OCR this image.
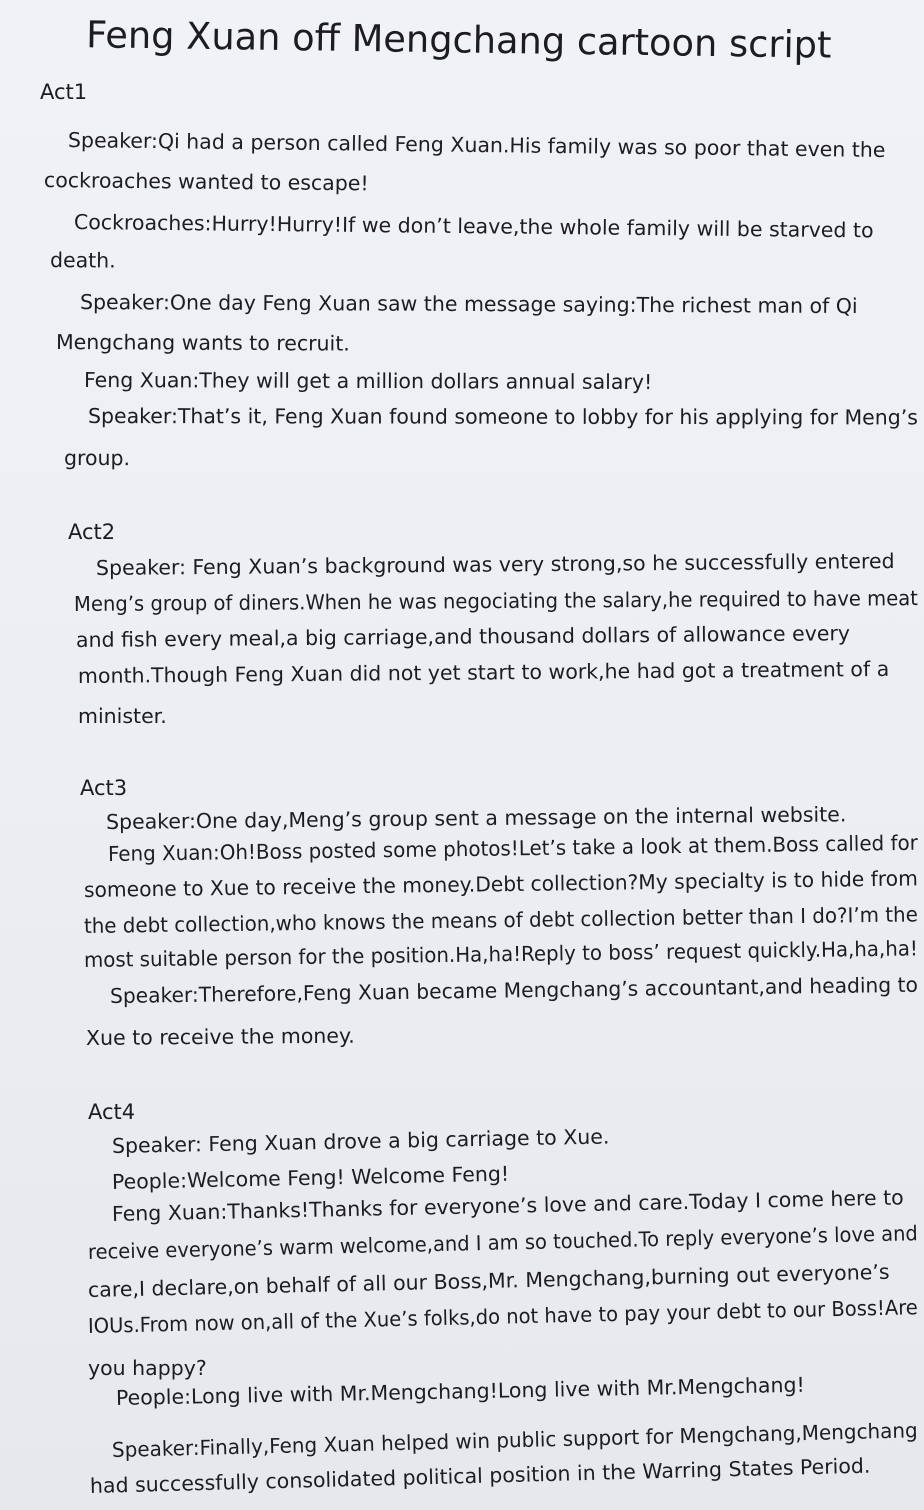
Feng Xuan off Mengchang cartoon script
Act1
Speaker:Qi had a person called Feng Xuan.His family was so poor that even the
cockroaches wanted to escape!
Cockroaches:Hurry!Hurry!If we don’t leave,the whole family will be starved to
death.
Speaker:One day Feng Xuan saw the message saying:The richest man of Qi
Mengchang wants to recruit.
Feng Xuan:They will get a million dollars annual salary!
Speaker:That’s it, Feng Xuan found someone to lobby for his applying for Meng’s
group.
Act2
Speaker: Feng Xuan’s background was very strong,so he successfully entered
Meng’s group of diners.When he was negociating the salary,he required to have meat
and fish every meal,a big carriage,and thousand dollars of allowance every
month.Though Feng Xuan did not yet start to work,he had got a treatment of a
minister.
Act3
Speaker:One day,Meng’s group sent a message on the internal website.
Feng Xuan:Oh!Boss posted some photos!Let’s take a look at them.Boss called for
someone to Xue to receive the money.Debt collection?My specialty is to hide from
the debt collection,who knows the means of debt collection better than I do?I’m the
most suitable person for the position.Ha,ha!Reply to boss’ request quickly.Ha,ha,ha!
Speaker:Therefore,Feng Xuan became Mengchang’s accountant,and heading to
Xue to receive the money.
Act4
Speaker: Feng Xuan drove a big carriage to Xue.
People:Welcome Feng! Welcome Feng!
Feng Xuan:Thanks!Thanks for everyone’s love and care.Today I come here to
receive everyone’s warm welcome,and I am so touched.To reply everyone’s love and
care,I declare,on behalf of all our Boss,Mr. Mengchang,burning out everyone’s
IOUs.From now on,all of the Xue’s folks,do not have to pay your debt to our Boss!Are
you happy?
People:Long live with Mr.Mengchang!Long live with Mr.Mengchang!
Speaker:Finally,Feng Xuan helped win public support for Mengchang,Mengchang
had successfully consolidated political position in the Warring States Period.
